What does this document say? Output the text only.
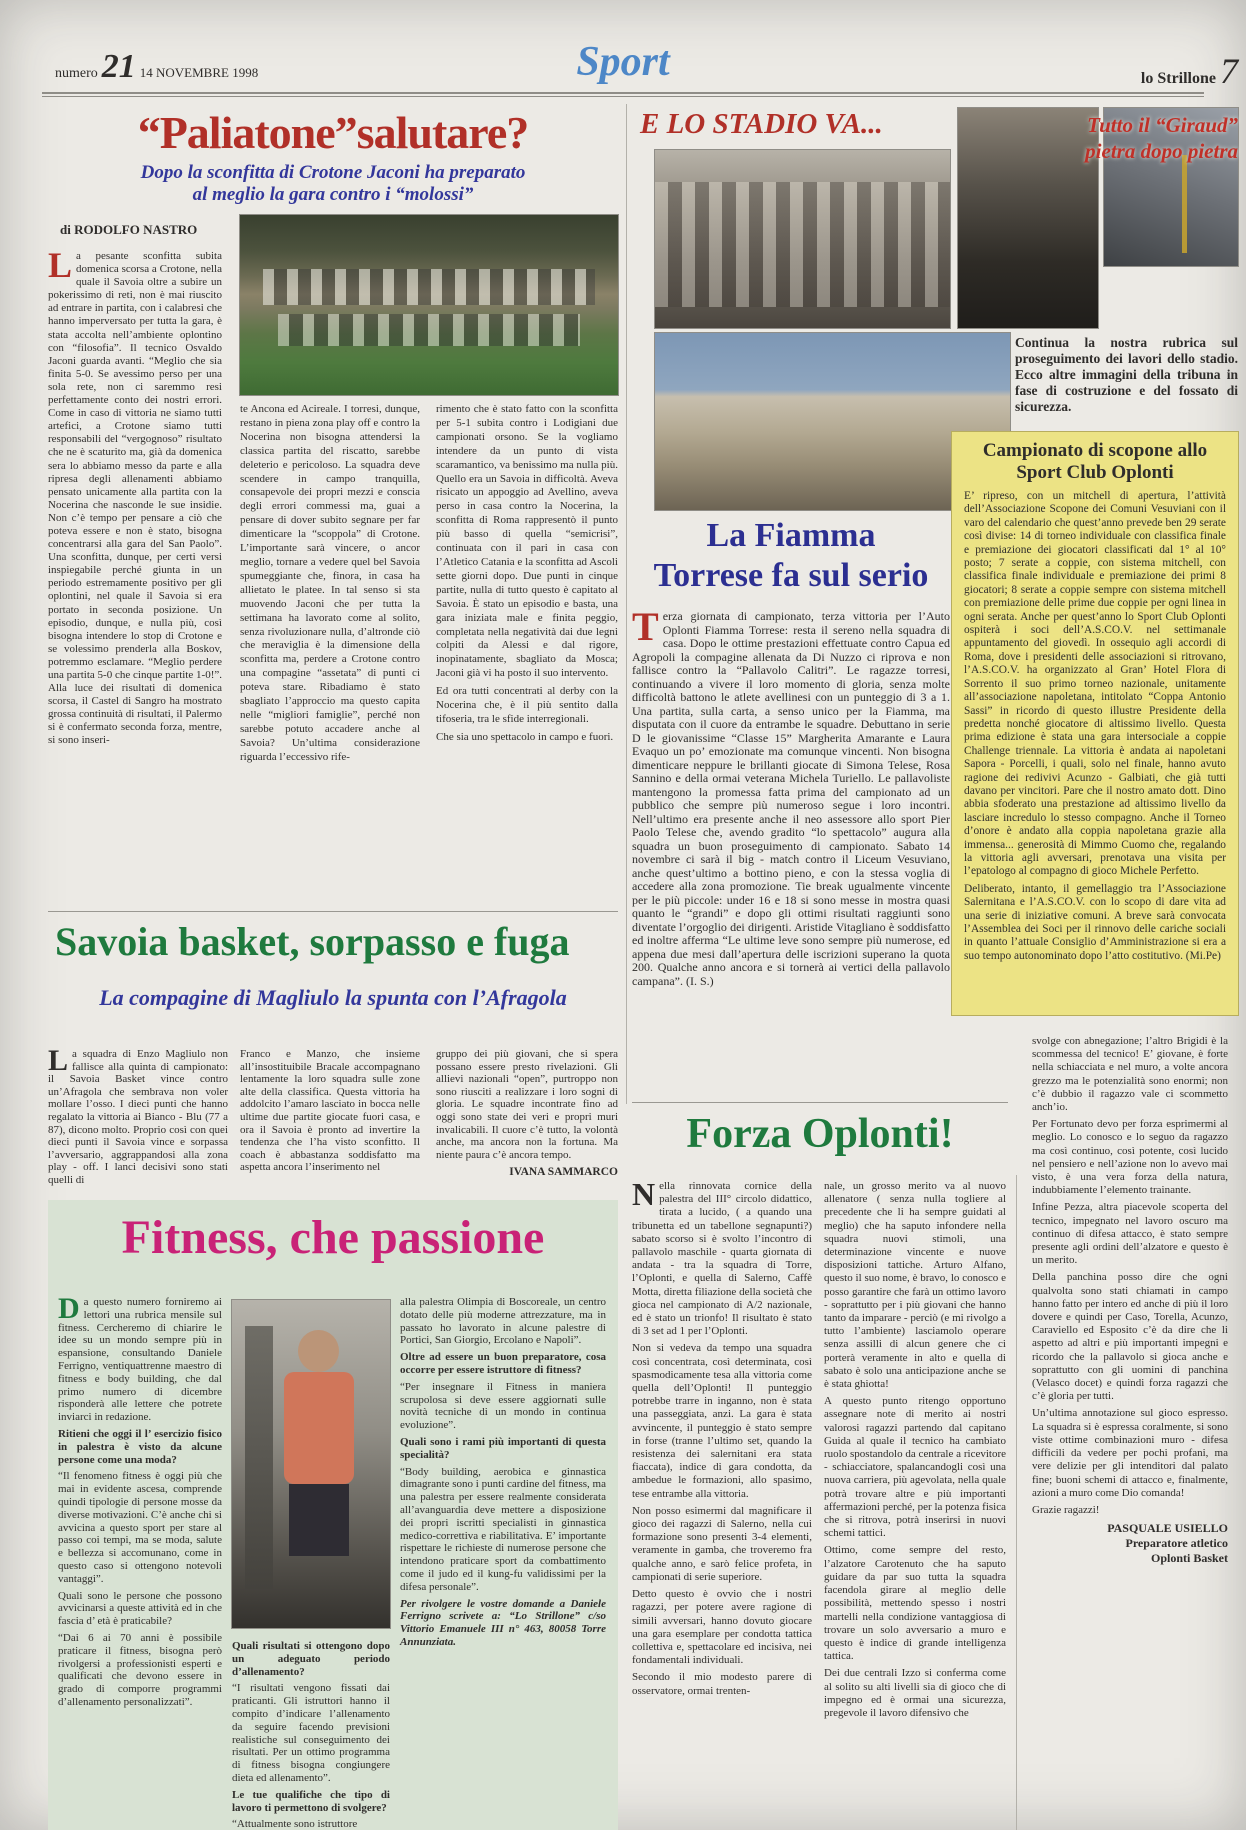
numero 21 14 NOVEMBRE 1998	Sport	lo Strillone 7
“Paliatone”salutare?
Dopo la sconfitta di Crotone Jaconi ha preparato
al meglio la gara contro i “molossi”
di RODOLFO NASTRO

La pesante sconfitta subita domenica scorsa a Crotone, nella quale il Savoia oltre a subire un pokerissimo di reti, non è mai riuscito ad entrare in partita, con i calabresi che hanno imperversato per tutta la gara, è stata accolta nell’ambiente oplontino con “filosofia”. Il tecnico Osvaldo Jaconi guarda avanti. “Meglio che sia finita 5-0. Se avessimo perso per una sola rete, non ci saremmo resi perfettamente conto dei nostri errori. Come in caso di vittoria ne siamo tutti artefici, a Crotone siamo tutti responsabili del “vergognoso” risultato che ne è scaturito ma, già da domenica sera lo abbiamo messo da parte e alla ripresa degli allenamenti abbiamo pensato unicamente alla partita con la Nocerina che nasconde le sue insidie. Non c’è tempo per pensare a ciò che poteva essere e non è stato, bisogna concentrarsi alla gara del San Paolo”. Una sconfitta, dunque, per certi versi inspiegabile perché giunta in un periodo estremamente positivo per gli oplontini, nel quale il Savoia si era portato in seconda posizione. Un episodio, dunque, e nulla più, così bisogna intendere lo stop di Crotone e se volessimo prenderla alla Boskov, potremmo esclamare. “Meglio perdere una partita 5-0 che cinque partite 1-0!”. Alla luce dei risultati di domenica scorsa, il Castel di Sangro ha mostrato grossa continuità di risultati, il Palermo si è confermato seconda forza, mentre, si sono inseri-

te Ancona ed Acireale. I torresi, dunque, restano in piena zona play off e contro la Nocerina non bisogna attendersi la classica partita del riscatto, sarebbe deleterio e pericoloso. La squadra deve scendere in campo tranquilla, consapevole dei propri mezzi e conscia degli errori commessi ma, guai a pensare di dover subito segnare per far dimenticare la “scoppola” di Crotone. L’importante sarà vincere, o ancor meglio, tornare a vedere quel bel Savoia spumeggiante che, finora, in casa ha allietato le platee. In tal senso si sta muovendo Jaconi che per tutta la settimana ha lavorato come al solito, senza rivoluzionare nulla, d’altronde ciò che meraviglia è la dimensione della sconfitta ma, perdere a Crotone contro una compagine “assetata” di punti ci poteva stare. Ribadiamo è stato sbagliato l’approccio ma questo capita nelle “migliori famiglie”, perché non sarebbe potuto accadere anche al Savoia? Un’ultima considerazione riguarda l’eccessivo rife-

rimento che è stato fatto con la sconfitta per 5-1 subita contro i Lodigiani due campionati orsono. Se la vogliamo intendere da un punto di vista scaramantico, va benissimo ma nulla più. Quello era un Savoia in difficoltà. Aveva risicato un appoggio ad Avellino, aveva perso in casa contro la Nocerina, la sconfitta di Roma rappresentò il punto più basso di quella “semicrisi”, continuata con il pari in casa con l’Atletico Catania e la sconfitta ad Ascoli sette giorni dopo. Due punti in cinque partite, nulla di tutto questo è capitato al Savoia. È stato un episodio e basta, una gara iniziata male e finita peggio, completata nella negatività dai due legni colpiti da Alessi e dal rigore, inopinatamente, sbagliato da Mosca; Jaconi già vi ha posto il suo intervento.

Ed ora tutti concentrati al derby con la Nocerina che, è il più sentito dalla tifoseria, tra le sfide interregionali.

Che sia uno spettacolo in campo e fuori.

E LO STADIO VA...	Tutto il “Giraud”
pietra dopo pietra
Continua la nostra rubrica sul proseguimento dei lavori dello stadio. Ecco altre immagini della tribuna in fase di costruzione e del fossato di sicurezza.
Campionato di scopone allo
Sport Club Oplonti

E’ ripreso, con un mitchell di apertura, l’attività dell’Associazione Scopone dei Comuni Vesuviani con il varo del calendario che quest’anno prevede ben 29 serate così divise: 14 di torneo individuale con classifica finale e premiazione dei giocatori classificati dal 1° al 10° posto; 7 serate a coppie, con sistema mitchell, con classifica finale individuale e premiazione dei primi 8 giocatori; 8 serate a coppie sempre con sistema mitchell con premiazione delle prime due coppie per ogni linea in ogni serata. Anche per quest’anno lo Sport Club Oplonti ospiterà i soci dell’A.S.CO.V. nel settimanale appuntamento del giovedì. In ossequio agli accordi di Roma, dove i presidenti delle associazioni si ritrovano, l’A.S.CO.V. ha organizzato al Gran’ Hotel Flora di Sorrento il suo primo torneo nazionale, unitamente all’associazione napoletana, intitolato “Coppa Antonio Sassi” in ricordo di questo illustre Presidente della predetta nonché giocatore di altissimo livello. Questa prima edizione è stata una gara intersociale a coppie Challenge triennale. La vittoria è andata ai napoletani Sapora - Porcelli, i quali, solo nel finale, hanno avuto ragione dei redivivi Acunzo - Galbiati, che già tutti davano per vincitori. Pare che il nostro amato dott. Dino abbia sfoderato una prestazione ad altissimo livello da lasciare incredulo lo stesso compagno. Anche il Torneo d’onore è andato alla coppia napoletana grazie alla immensa... generosità di Mimmo Cuomo che, regalando la vittoria agli avversari, prenotava una visita per l’epatologo al compagno di gioco Michele Perfetto.

Deliberato, intanto, il gemellaggio tra l’Associazione Salernitana e l’A.S.CO.V. con lo scopo di dare vita ad una serie di iniziative comuni. A breve sarà convocata l’Assemblea dei Soci per il rinnovo delle cariche sociali in quanto l’attuale Consiglio d’Amministrazione si era a suo tempo autonominato dopo l’atto costitutivo. (Mi.Pe)

La Fiamma
Torrese fa sul serio

Terza giornata di campionato, terza vittoria per l’Auto Oplonti Fiamma Torrese: resta il sereno nella squadra di casa. Dopo le ottime prestazioni effettuate contro Capua ed Agropoli la compagine allenata da Di Nuzzo ci riprova e non fallisce contro la “Pallavolo Calitri”. Le ragazze torresi, continuando a vivere il loro momento di gloria, senza molte difficoltà battono le atlete avellinesi con un punteggio di 3 a 1. Una partita, sulla carta, a senso unico per la Fiamma, ma disputata con il cuore da entrambe le squadre. Debuttano in serie D le giovanissime “Classe 15” Margherita Amarante e Laura Evaquo un po’ emozionate ma comunque vincenti. Non bisogna dimenticare neppure le brillanti giocate di Simona Telese, Rosa Sannino e della ormai veterana Michela Turiello. Le pallavoliste mantengono la promessa fatta prima del campionato ad un pubblico che sempre più numeroso segue i loro incontri. Nell’ultimo era presente anche il neo assessore allo sport Pier Paolo Telese che, avendo gradito “lo spettacolo” augura alla squadra un buon proseguimento di campionato. Sabato 14 novembre ci sarà il big - match contro il Liceum Vesuviano, anche quest’ultimo a bottino pieno, e con la stessa voglia di accedere alla zona promozione. Tie break ugualmente vincente per le più piccole: under 16 e 18 si sono messe in mostra quasi quanto le “grandi” e dopo gli ottimi risultati raggiunti sono diventate l’orgoglio dei dirigenti. Aristide Vitagliano è soddisfatto ed inoltre afferma “Le ultime leve sono sempre più numerose, ed appena due mesi dall’apertura delle iscrizioni superano la quota 200. Qualche anno ancora e si tornerà ai vertici della pallavolo campana”. (I. S.)

Savoia basket, sorpasso e fuga
La compagine di Magliulo la spunta con l’Afragola

La squadra di Enzo Magliulo non fallisce alla quinta di campionato: il Savoia Basket vince contro un’Afragola che sembrava non voler mollare l’osso. I dieci punti che hanno regalato la vittoria ai Bianco - Blu (77 a 87), dicono molto. Proprio così con quei dieci punti il Savoia vince e sorpassa l’avversario, aggrappandosi alla zona play - off. I lanci decisivi sono stati quelli di

Franco e Manzo, che insieme all’insostituibile Bracale accompagnano lentamente la loro squadra sulle zone alte della classifica. Questa vittoria ha addolcito l’amaro lasciato in bocca nelle ultime due partite giocate fuori casa, e ora il Savoia è pronto ad invertire la tendenza che l’ha visto sconfitto. Il coach è abbastanza soddisfatto ma aspetta ancora l’inserimento nel

gruppo dei più giovani, che si spera possano essere presto rivelazioni. Gli allievi nazionali “open”, purtroppo non sono riusciti a realizzare i loro sogni di gloria. Le squadre incontrate fino ad oggi sono state dei veri e propri muri invalicabili. Il cuore c’è tutto, la volontà anche, ma ancora non la fortuna. Ma niente paura c’è ancora tempo.

IVANA SAMMARCO
Fitness, che passione

Da questo numero forniremo ai lettori una rubrica mensile sul fitness. Cercheremo di chiarire le idee su un mondo sempre più in espansione, consultando Daniele Ferrigno, ventiquattrenne maestro di fitness e body building, che dal primo numero di dicembre risponderà alle lettere che potrete inviarci in redazione.

Ritieni che oggi il l’ esercizio fisico in palestra è visto da alcune persone come una moda?

“Il fenomeno fitness è oggi più che mai in evidente ascesa, comprende quindi tipologie di persone mosse da diverse motivazioni. C’è anche chi si avvicina a questo sport per stare al passo coi tempi, ma se moda, salute e bellezza si accomunano, come in questo caso si ottengono notevoli vantaggi”.

Quali sono le persone che possono avvicinarsi a queste attività ed in che fascia d’ età è praticabile?

“Dai 6 ai 70 anni è possibile praticare il fitness, bisogna però rivolgersi a professionisti esperti e qualificati che devono essere in grado di comporre programmi d’allenamento personalizzati”.

Quali risultati si ottengono dopo un adeguato periodo d’allenamento?

“I risultati vengono fissati dai praticanti. Gli istruttori hanno il compito d’indicare l’allenamento da seguire facendo previsioni realistiche sul conseguimento dei risultati. Per un ottimo programma di fitness bisogna congiungere dieta ed allenamento”.

Le tue qualifiche che tipo di lavoro ti permettono di svolgere?

“Attualmente sono istruttore

alla palestra Olimpia di Boscoreale, un centro dotato delle più moderne attrezzature, ma in passato ho lavorato in alcune palestre di Portici, San Giorgio, Ercolano e Napoli”.

Oltre ad essere un buon preparatore, cosa occorre per essere istruttore di fitness?

“Per insegnare il Fitness in maniera scrupolosa si deve essere aggiornati sulle novità tecniche di un mondo in continua evoluzione”.

Quali sono i rami più importanti di questa specialità?

“Body building, aerobica e ginnastica dimagrante sono i punti cardine del fitness, ma una palestra per essere realmente considerata all’avanguardia deve mettere a disposizione dei propri iscritti specialisti in ginnastica medico-correttiva e riabilitativa. E’ importante rispettare le richieste di numerose persone che intendono praticare sport da combattimento come il judo ed il kung-fu validissimi per la difesa personale”.

Per rivolgere le vostre domande a Daniele Ferrigno scrivete a: “Lo Strillone” c/so Vittorio Emanuele III n° 463, 80058 Torre Annunziata.

Forza Oplonti!

Nella rinnovata cornice della palestra del III° circolo didattico, tirata a lucido, ( a quando una tribunetta ed un tabellone segnapunti?) sabato scorso si è svolto l’incontro di pallavolo maschile - quarta giornata di andata - tra la squadra di Torre, l’Oplonti, e quella di Salerno, Caffè Motta, diretta filiazione della società che gioca nel campionato di A/2 nazionale, ed è stato un trionfo! Il risultato è stato di 3 set ad 1 per l’Oplonti.

Non si vedeva da tempo una squadra così concentrata, così determinata, così spasmodicamente tesa alla vittoria come quella dell’Oplonti! Il punteggio potrebbe trarre in inganno, non è stata una passeggiata, anzi. La gara è stata avvincente, il punteggio è stato sempre in forse (tranne l’ultimo set, quando la resistenza dei salernitani era stata fiaccata), indice di gara condotta, da ambedue le formazioni, allo spasimo, tese entrambe alla vittoria.

Non posso esimermi dal magnificare il gioco dei ragazzi di Salerno, nella cui formazione sono presenti 3-4 elementi, veramente in gamba, che troveremo fra qualche anno, e sarò felice profeta, in campionati di serie superiore.

Detto questo è ovvio che i nostri ragazzi, per potere avere ragione di simili avversari, hanno dovuto giocare una gara esemplare per condotta tattica collettiva e, spettacolare ed incisiva, nei fondamentali individuali.

Secondo il mio modesto parere di osservatore, ormai trenten-

nale, un grosso merito va al nuovo allenatore ( senza nulla togliere al precedente che li ha sempre guidati al meglio) che ha saputo infondere nella squadra nuovi stimoli, una determinazione vincente e nuove disposizioni tattiche. Arturo Alfano, questo il suo nome, è bravo, lo conosco e posso garantire che farà un ottimo lavoro - soprattutto per i più giovani che hanno tanto da imparare - perciò (e mi rivolgo a tutto l’ambiente) lasciamolo operare senza assilli di alcun genere che ci porterà veramente in alto e quella di sabato è solo una anticipazione anche se è stata ghiotta!

A questo punto ritengo opportuno assegnare note di merito ai nostri valorosi ragazzi partendo dal capitano Guida al quale il tecnico ha cambiato ruolo spostandolo da centrale a ricevitore - schiacciatore, spalancandogli così una nuova carriera, più agevolata, nella quale potrà trovare altre e più importanti affermazioni perché, per la potenza fisica che si ritrova, potrà inserirsi in nuovi schemi tattici.

Ottimo, come sempre del resto, l’alzatore Carotenuto che ha saputo guidare da par suo tutta la squadra facendola girare al meglio delle possibilità, mettendo spesso i nostri martelli nella condizione vantaggiosa di trovare un solo avversario a muro e questo è indice di grande intelligenza tattica.

Dei due centrali Izzo si conferma come al solito su alti livelli sia di gioco che di impegno ed è ormai una sicurezza, pregevole il lavoro difensivo che

svolge con abnegazione; l’altro Brigidi è la scommessa del tecnico! E’ giovane, è forte nella schiacciata e nel muro, a volte ancora grezzo ma le potenzialità sono enormi; non c’è dubbio il ragazzo vale ci scommetto anch’io.

Per Fortunato devo per forza esprimermi al meglio. Lo conosco e lo seguo da ragazzo ma così continuo, così potente, così lucido nel pensiero e nell’azione non lo avevo mai visto, è una vera forza della natura, indubbiamente l’elemento trainante.

Infine Pezza, altra piacevole scoperta del tecnico, impegnato nel lavoro oscuro ma continuo di difesa attacco, è stato sempre presente agli ordini dell’alzatore e questo è un merito.

Della panchina posso dire che ogni qualvolta sono stati chiamati in campo hanno fatto per intero ed anche di più il loro dovere e quindi per Caso, Torella, Acunzo, Caraviello ed Esposito c’è da dire che li aspetto ad altri e più importanti impegni e ricordo che la pallavolo si gioca anche e soprattutto con gli uomini di panchina (Velasco docet) e quindi forza ragazzi che c’è gloria per tutti.

Un’ultima annotazione sul gioco espresso. La squadra si è espressa coralmente, si sono viste ottime combinazioni muro - difesa difficili da vedere per pochi profani, ma vere delizie per gli intenditori dal palato fine; buoni schemi di attacco e, finalmente, azioni a muro come Dio comanda!

Grazie ragazzi!

PASQUALE USIELLO
Preparatore atletico
Oplonti Basket
